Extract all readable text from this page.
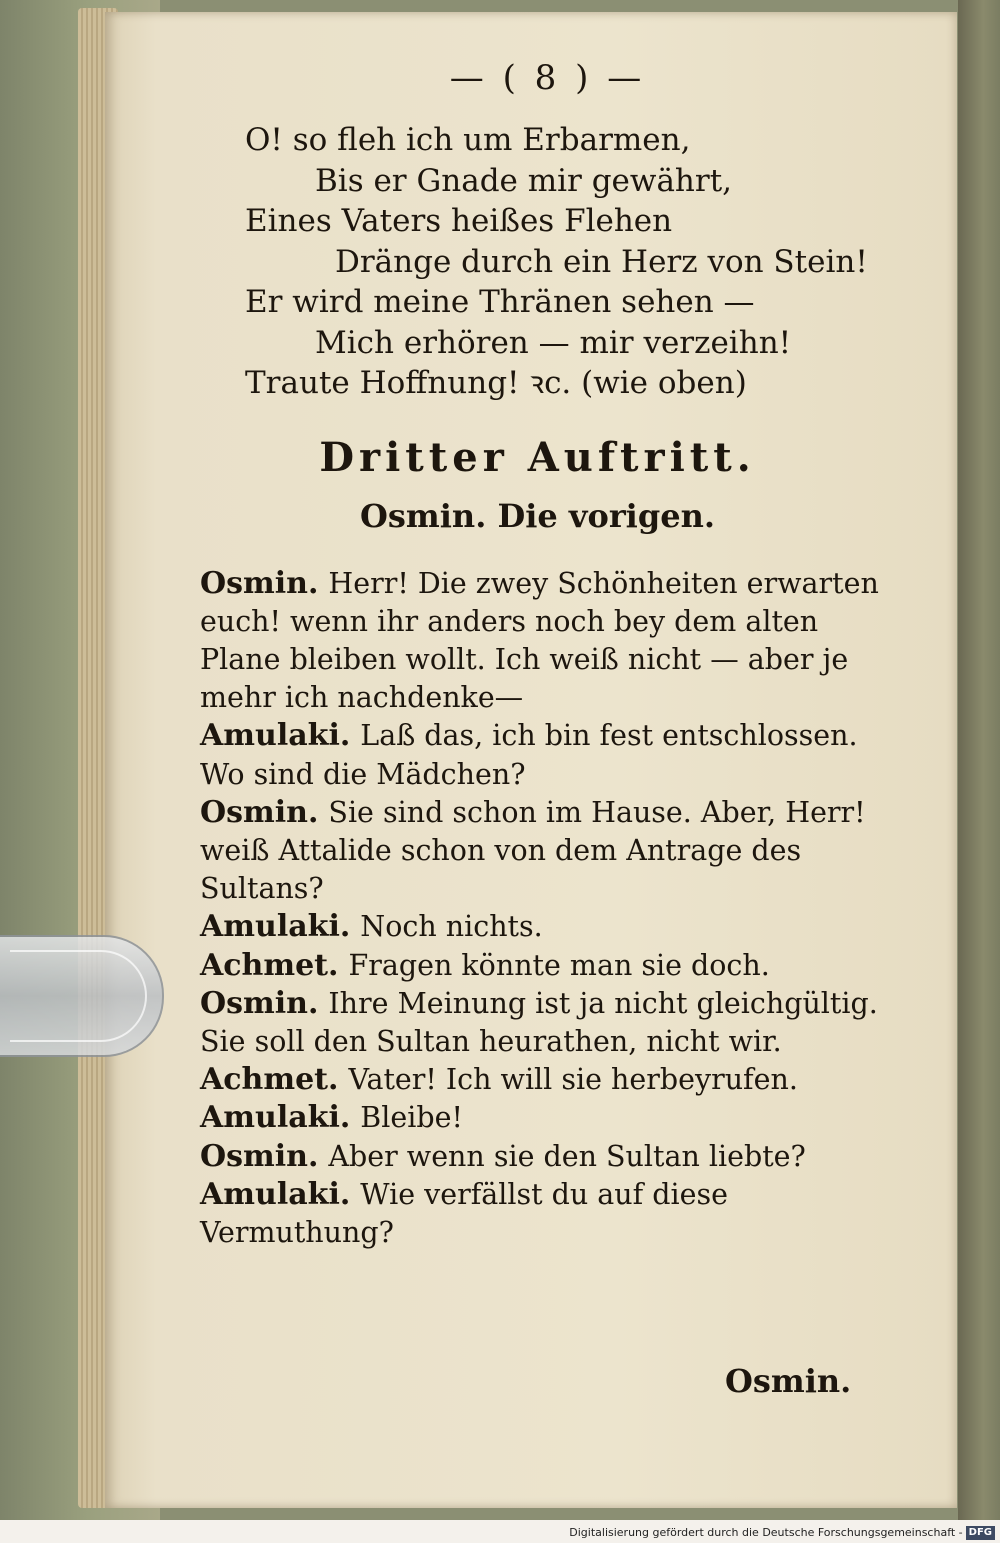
— ( 8 ) —
O! so fleh ich um Erbarmen,
Bis er Gnade mir gewährt,
Eines Vaters heißes Flehen
Dränge durch ein Herz von Stein!
Er wird meine Thränen sehen —
Mich erhören — mir verzeihn!
Traute Hoffnung! ꝛc. (wie oben)
Dritter Auftritt.
Osmin. Die vorigen.

Osmin. Herr! Die zwey Schönheiten erwarten euch! wenn ihr anders noch bey dem alten Plane bleiben wollt. Ich weiß nicht — aber je mehr ich nachdenke—

Amulaki. Laß das, ich bin fest entschlossen. Wo sind die Mädchen?

Osmin. Sie sind schon im Hause. Aber, Herr! weiß Attalide schon von dem Antrage des Sultans?

Amulaki. Noch nichts.

Achmet. Fragen könnte man sie doch.

Osmin. Ihre Meinung ist ja nicht gleichgültig. Sie soll den Sultan heurathen, nicht wir.

Achmet. Vater! Ich will sie herbeyrufen.

Amulaki. Bleibe!

Osmin. Aber wenn sie den Sultan liebte?

Amulaki. Wie verfällst du auf diese Vermuthung?

Osmin.
Digitalisierung gefördert durch die Deutsche Forschungsgemeinschaft - DFG
